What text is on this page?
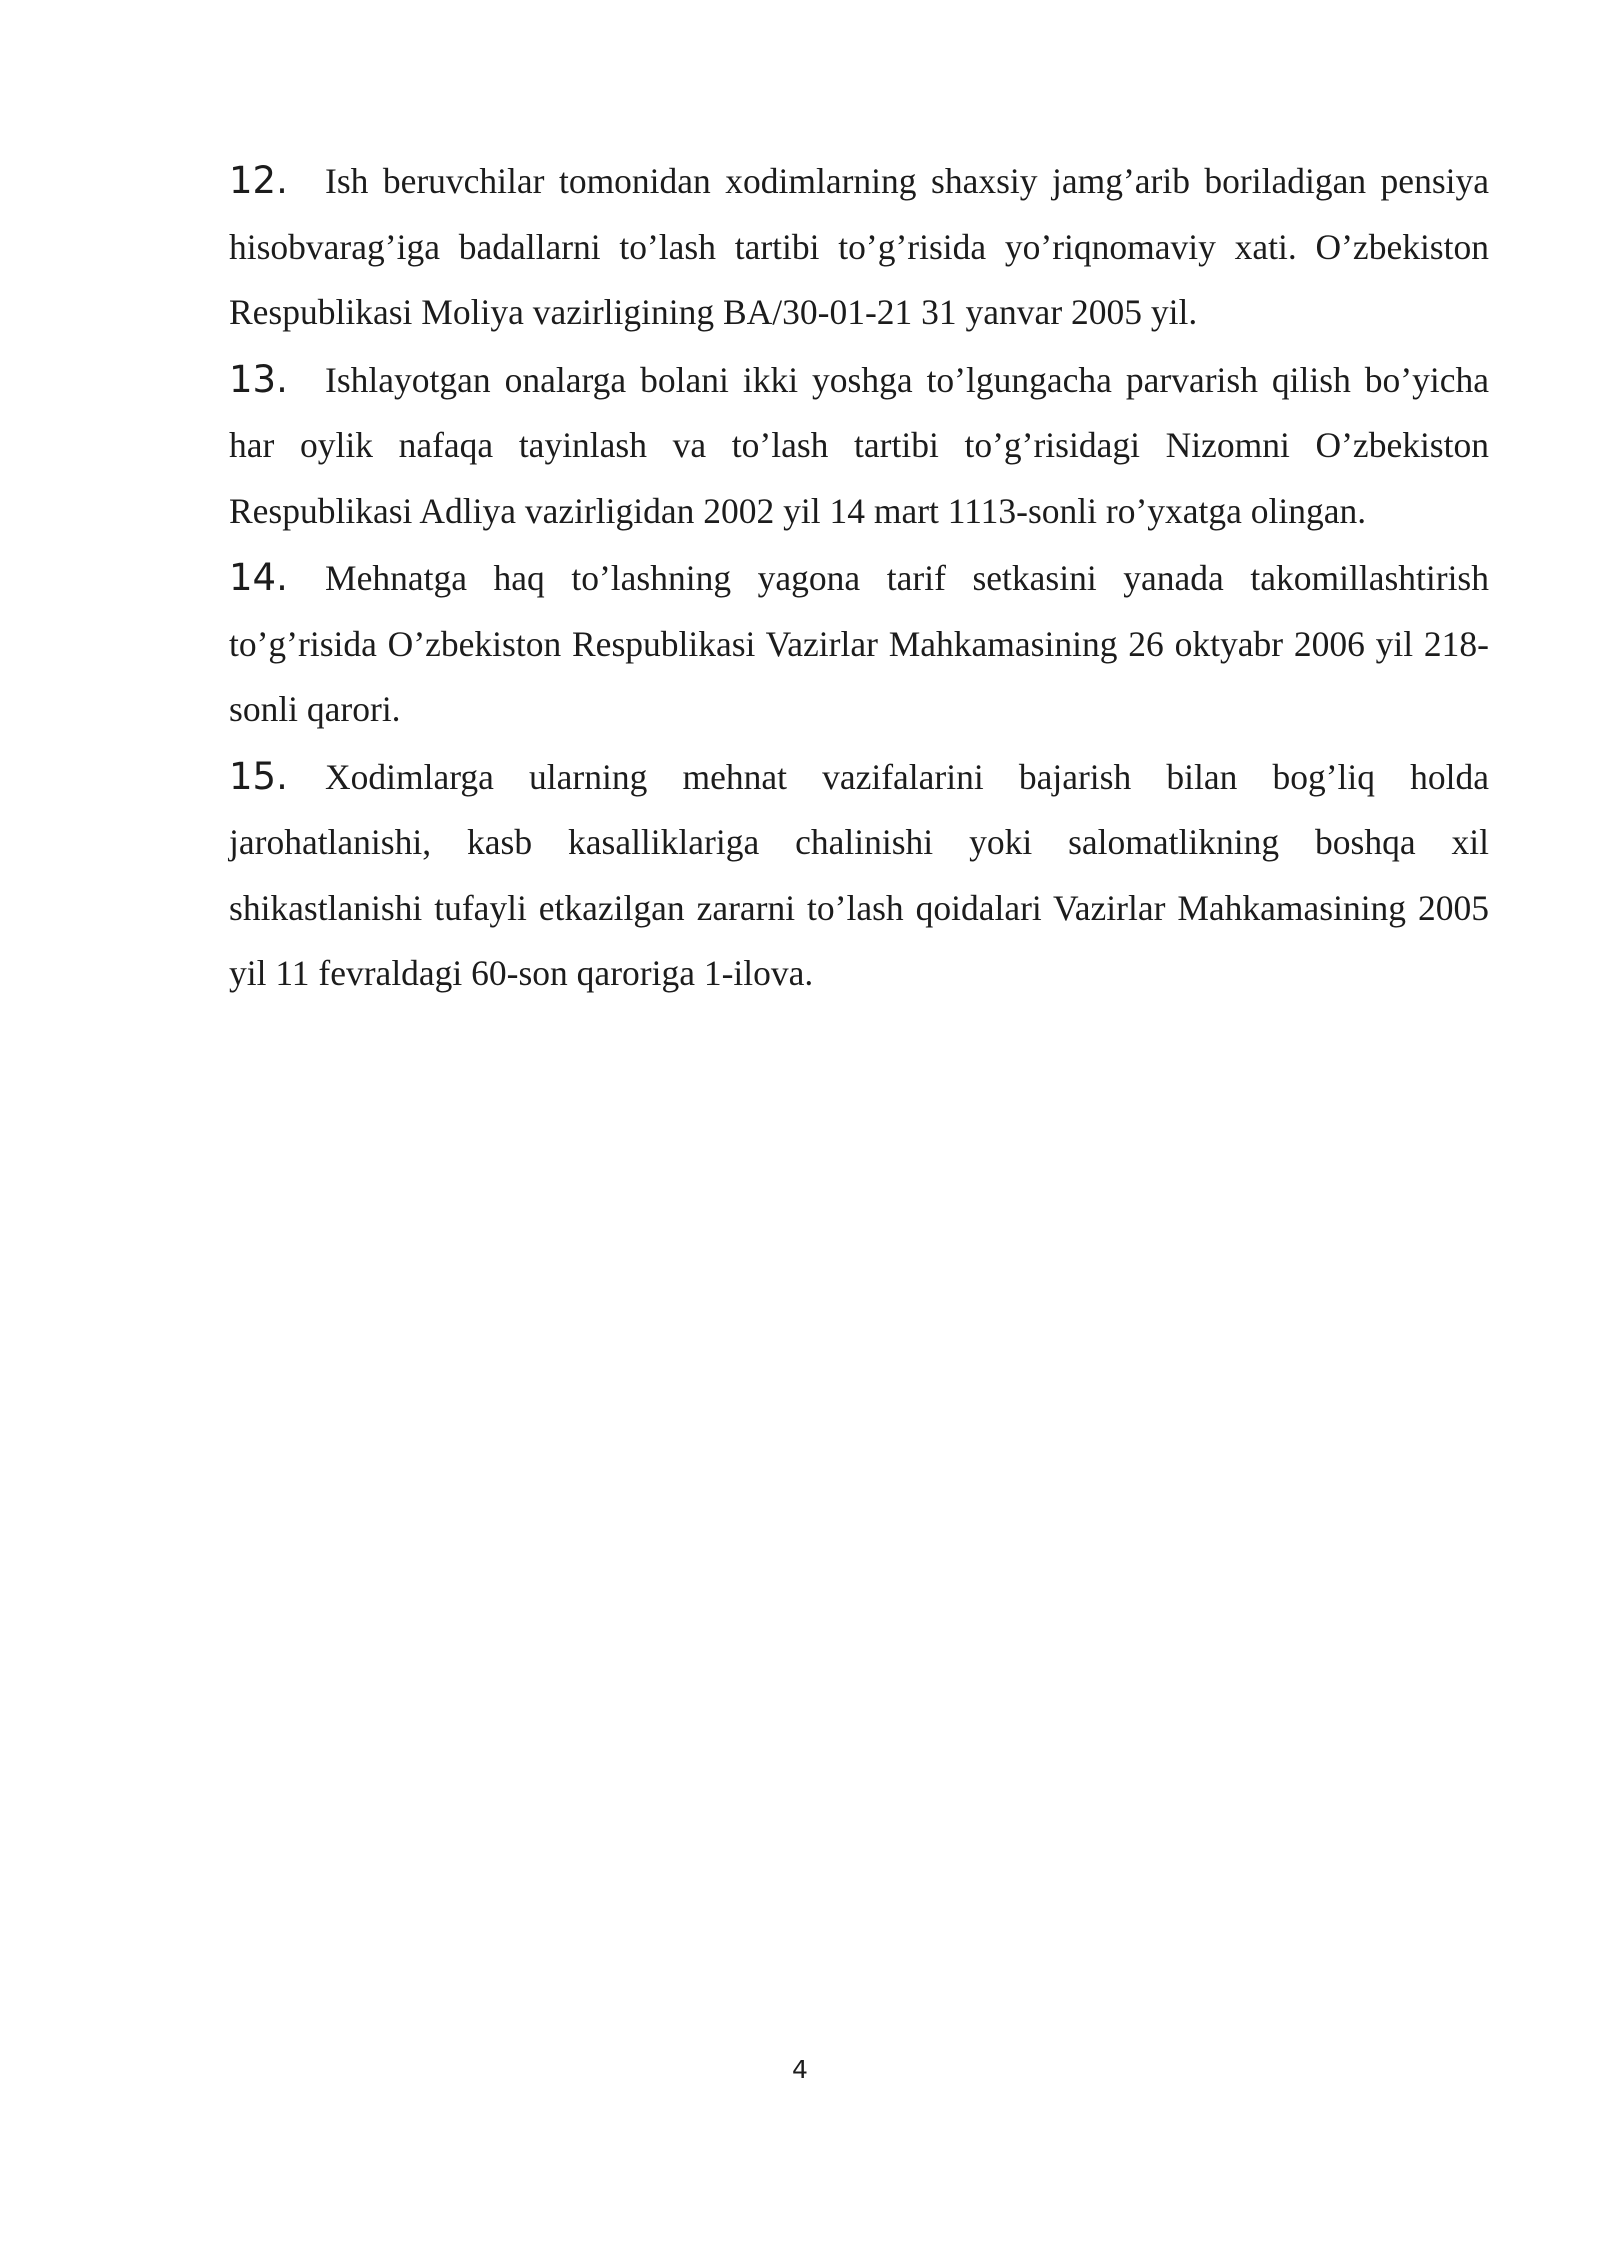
12. Ish beruvchilar tomonidan xodimlarning shaxsiy jamg’arib boriladigan pensiya hisobvarag’iga badallarni to’lash tartibi to’g’risida yo’riqnomaviy xati. O’zbekiston Respublikasi Moliya vazirligining BA/30-01-21 31 yanvar 2005 yil.

13. Ishlayotgan onalarga bolani ikki yoshga to’lgungacha parvarish qilish bo’yicha har oylik nafaqa tayinlash va to’lash tartibi to’g’risidagi Nizomni O’zbekiston Respublikasi Adliya vazirligidan 2002 yil 14 mart 1113-sonli ro’yxatga olingan.

14. Mehnatga haq to’lashning yagona tarif setkasini yanada takomillashtirish to’g’risida O’zbekiston Respublikasi Vazirlar Mahkamasining 26 oktyabr 2006 yil 218-sonli qarori.

15. Xodimlarga ularning mehnat vazifalarini bajarish bilan bog’liq holda jarohatlanishi, kasb kasalliklariga chalinishi yoki salomatlikning boshqa xil shikastlanishi tufayli etkazilgan zararni to’lash qoidalari Vazirlar Mahkamasining 2005 yil 11 fevraldagi 60-son qaroriga 1-ilova.

4
